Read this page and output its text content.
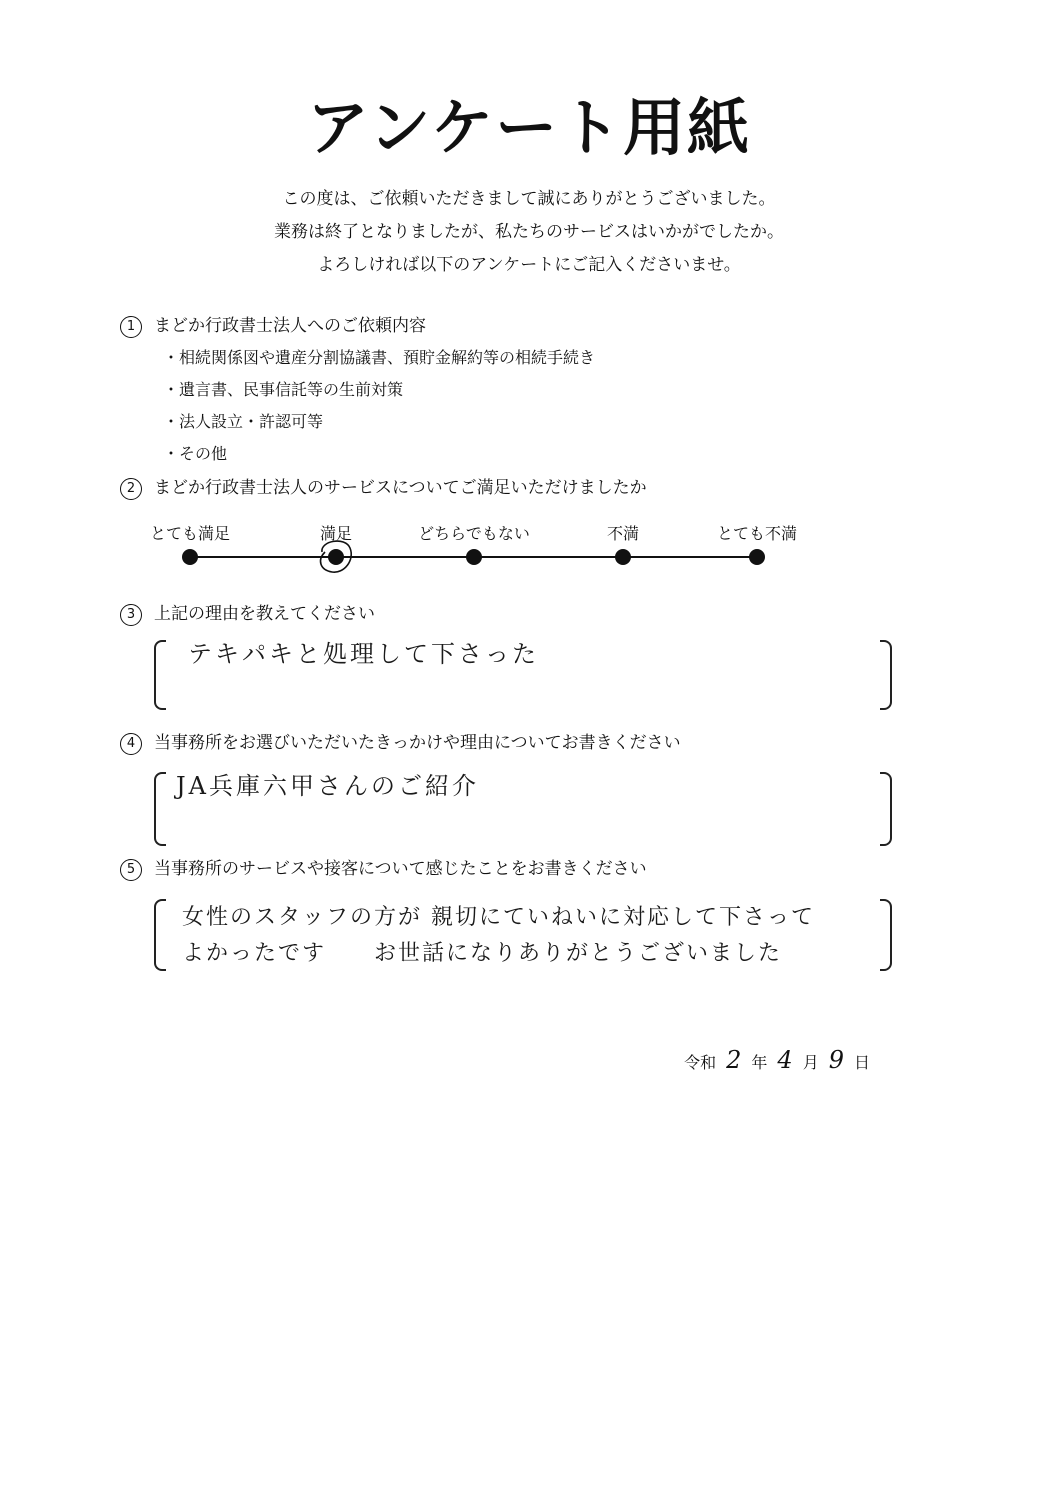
アンケート用紙
この度は、ご依頼いただきまして誠にありがとうございました。
業務は終了となりましたが、私たちのサービスはいかがでしたか。
よろしければ以下のアンケートにご記入くださいませ。
1 まどか行政書士法人へのご依頼内容
・相続関係図や遺産分割協議書、預貯金解約等の相続手続き
・遺言書、民事信託等の生前対策
・法人設立・許認可等
・その他
2 まどか行政書士法人のサービスについてご満足いただけましたか
とても満足	満足	どちらでもない	不満	とても不満
3 上記の理由を教えてください
テキパキと処理して下さった
4 当事務所をお選びいただいたきっかけや理由についてお書きください
JA兵庫六甲さんのご紹介
5 当事務所のサービスや接客について感じたことをお書きください
女性のスタッフの方が 親切にていねいに対応して下さって
よかったです　　お世話になりありがとうございました
令和 2 年 4 月 9 日
